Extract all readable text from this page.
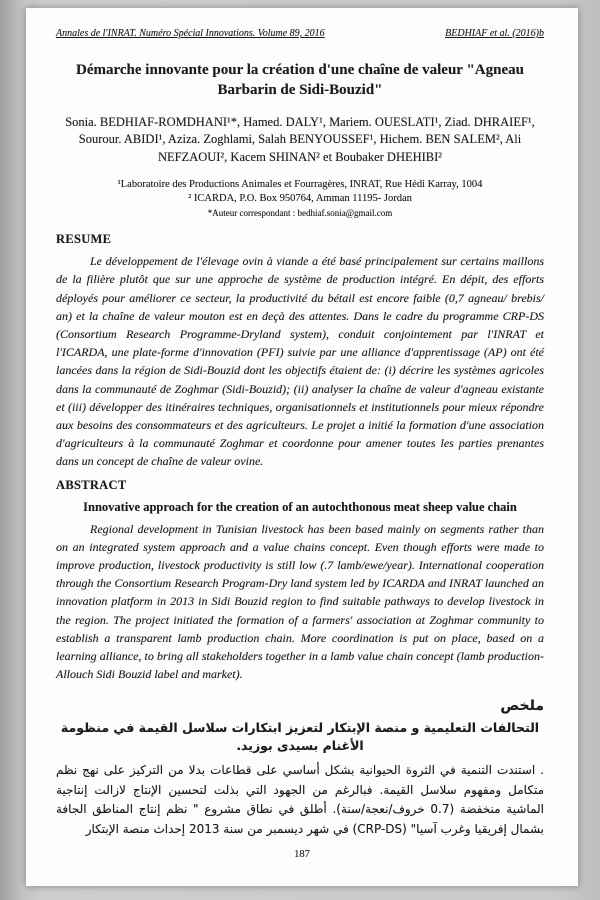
Annales de l'INRAT. Numéro Spécial Innovations. Volume 89, 2016	BEDHIAF et al. (2016)b
Démarche innovante pour la création d'une chaîne de valeur "Agneau Barbarin de Sidi-Bouzid"

Sonia. BEDHIAF-ROMDHANI¹*, Hamed. DALY¹, Mariem. OUESLATI¹, Ziad. DHRAIEF¹, Sourour. ABIDI¹, Aziza. Zoghlami, Salah BENYOUSSEF¹, Hichem. BEN SALEM², Ali NEFZAOUI², Kacem SHINAN² et Boubaker DHEHIBI²

¹Laboratoire des Productions Animales et Fourragères, INRAT, Rue Hédi Karray, 1004

² ICARDA, P.O. Box 950764, Amman 11195- Jordan

*Auteur correspondant : bedhiaf.sonia@gmail.com

RESUME

Le développement de l'élevage ovin à viande a été basé principalement sur certains maillons de la filière plutôt que sur une approche de système de production intégré. En dépit, des efforts déployés pour améliorer ce secteur, la productivité du bétail est encore faible (0,7 agneau/ brebis/ an) et la chaîne de valeur mouton est en deçà des attentes. Dans le cadre du programme CRP-DS (Consortium Research Programme-Dryland system), conduit conjointement par l'INRAT et l'ICARDA, une plate-forme d'innovation (PFI) suivie par une alliance d'apprentissage (AP) ont été lancées dans la région de Sidi-Bouzid dont les objectifs étaient de: (i) décrire les systèmes agricoles dans la communauté de Zoghmar (Sidi-Bouzid); (ii) analyser la chaîne de valeur d'agneau existante et (iii) développer des itinéraires techniques, organisationnels et institutionnels pour mieux répondre aux besoins des consommateurs et des agriculteurs. Le projet a initié la formation d'une association d'agriculteurs à la communauté Zoghmar et coordonne pour amener toutes les parties prenantes dans un concept de chaîne de valeur ovine.

ABSTRACT
Innovative approach for the creation of an autochthonous meat sheep value chain

Regional development in Tunisian livestock has been based mainly on segments rather than on an integrated system approach and a value chains concept. Even though efforts were made to improve production, livestock productivity is still low (.7 lamb/ewe/year). International cooperation through the Consortium Research Program-Dry land system led by ICARDA and INRAT launched an innovation platform in 2013 in Sidi Bouzid region to find suitable pathways to develop livestock in the region. The project initiated the formation of a farmers' association at Zoghmar community to establish a transparent lamb production chain. More coordination is put on place, based on a learning alliance, to bring all stakeholders together in a lamb value chain concept (lamb production-Allouch Sidi Bouzid label and market).

ملخص
التحالفات التعليمية و منصة الإبتكار لتعزيز ابتكارات سلاسل القيمة في منظومة الأغنام بسيدى بوزيد.

. استندت التنمية في الثروة الحيوانية بشكل أساسي على قطاعات بدلا من التركيز على نهج نظم متكامل ومفهوم سلاسل القيمة. فبالرغم من الجهود التي بذلت لتحسين الإنتاج لازالت إنتاجية الماشية منخفضة (0.7 خروف/نعجة/سنة). أطلق في نطاق مشروع " نظم إنتاج المناطق الجافة بشمال إفريقيا وغرب آسيا" (CRP-DS) في شهر ديسمبر من سنة 2013 إحداث منصة الإبتكار

187
